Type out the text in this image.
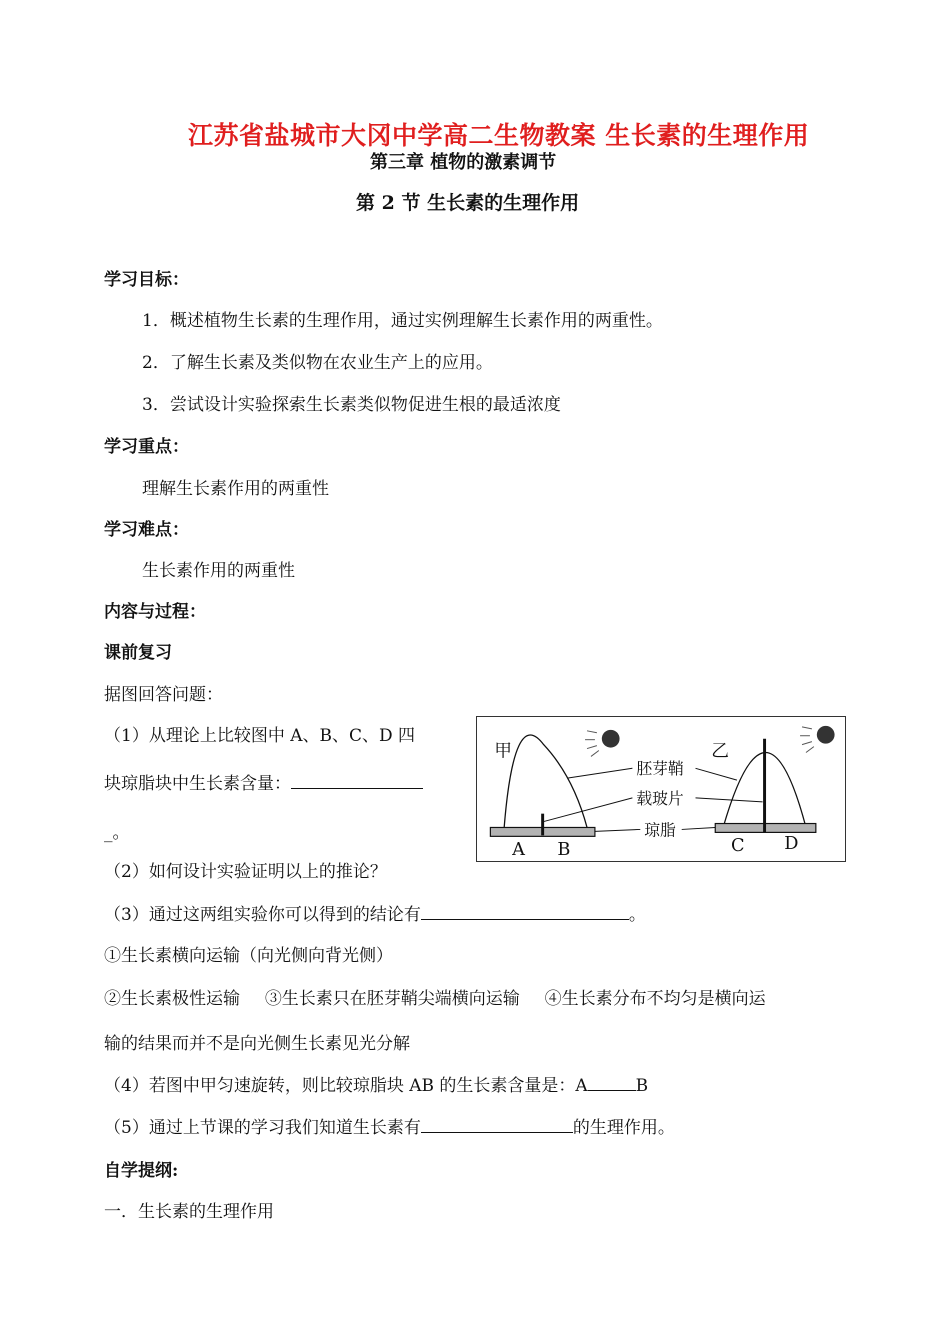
江苏省盐城市大冈中学高二生物教案 生长素的生理作用
第三章 植物的激素调节
第 2 节 生长素的生理作用
学习目标：
1．概述植物生长素的生理作用，通过实例理解生长素作用的两重性。
2．了解生长素及类似物在农业生产上的应用。
3．尝试设计实验探索生长素类似物促进生根的最适浓度
学习重点：
理解生长素作用的两重性
学习难点：
生长素作用的两重性
内容与过程：
课前复习
据图回答问题：
（1）从理论上比较图中 A、B、C、D 四
块琼脂块中生长素含量：
_。
甲
A B
胚芽鞘
载玻片
琼脂
乙
C D
（2）如何设计实验证明以上的推论？
（3）通过这两组实验你可以得到的结论有	。
①生长素横向运输（向光侧向背光侧）
②生长素极性运输 ③生长素只在胚芽鞘尖端横向运输 ④生长素分布不均匀是横向运
输的结果而并不是向光侧生长素见光分解
（4）若图中甲匀速旋转，则比较琼脂块 AB 的生长素含量是：A	B
（5）通过上节课的学习我们知道生长素有	的生理作用。
自学提纲:
一．生长素的生理作用
